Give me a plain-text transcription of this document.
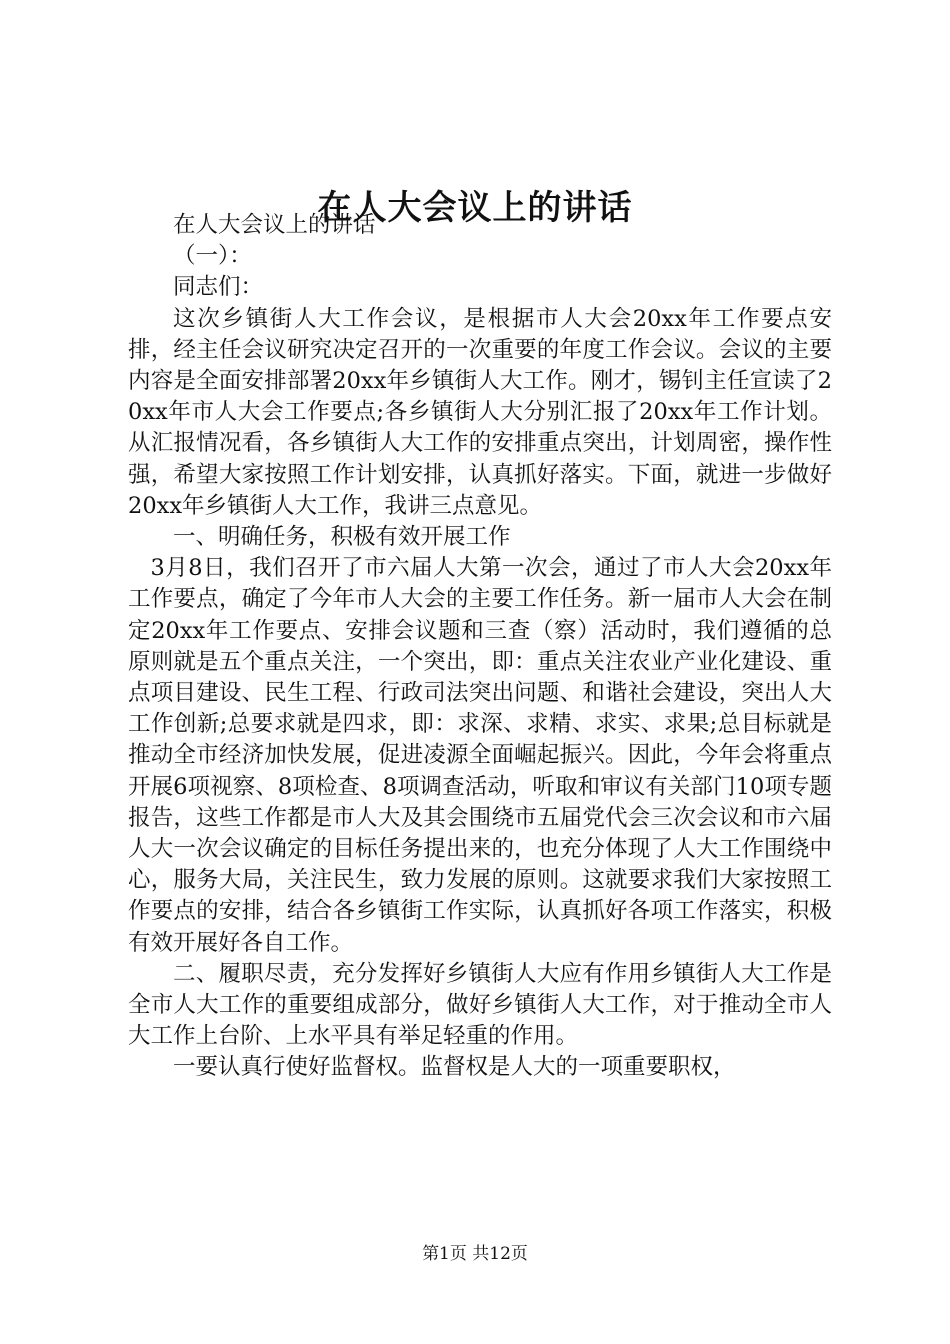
在人大会议上的讲话

在人大会议上的讲话

（一）：

同志们：

这次乡镇街人大工作会议，是根据市人大会20xx年工作要点安排，经主任会议研究决定召开的一次重要的年度工作会议。会议的主要内容是全面安排部署20xx年乡镇街人大工作。刚才，锡钊主任宣读了20xx年市人大会工作要点;各乡镇街人大分别汇报了20xx年工作计划。从汇报情况看，各乡镇街人大工作的安排重点突出，计划周密，操作性强，希望大家按照工作计划安排，认真抓好落实。下面，就进一步做好20xx年乡镇街人大工作，我讲三点意见。

一、明确任务，积极有效开展工作

3月8日，我们召开了市六届人大第一次会，通过了市人大会20xx年工作要点，确定了今年市人大会的主要工作任务。新一届市人大会在制定20xx年工作要点、安排会议题和三查（察）活动时，我们遵循的总原则就是五个重点关注，一个突出，即：重点关注农业产业化建设、重点项目建设、民生工程、行政司法突出问题、和谐社会建设，突出人大工作创新;总要求就是四求，即：求深、求精、求实、求果;总目标就是推动全市经济加快发展，促进凌源全面崛起振兴。因此，今年会将重点开展6项视察、8项检查、8项调查活动，听取和审议有关部门10项专题报告，这些工作都是市人大及其会围绕市五届党代会三次会议和市六届人大一次会议确定的目标任务提出来的，也充分体现了人大工作围绕中心，服务大局，关注民生，致力发展的原则。这就要求我们大家按照工作要点的安排，结合各乡镇街工作实际，认真抓好各项工作落实，积极有效开展好各自工作。

二、履职尽责，充分发挥好乡镇街人大应有作用乡镇街人大工作是全市人大工作的重要组成部分，做好乡镇街人大工作，对于推动全市人大工作上台阶、上水平具有举足轻重的作用。

一要认真行使好监督权。监督权是人大的一项重要职权，

第1页 共12页
